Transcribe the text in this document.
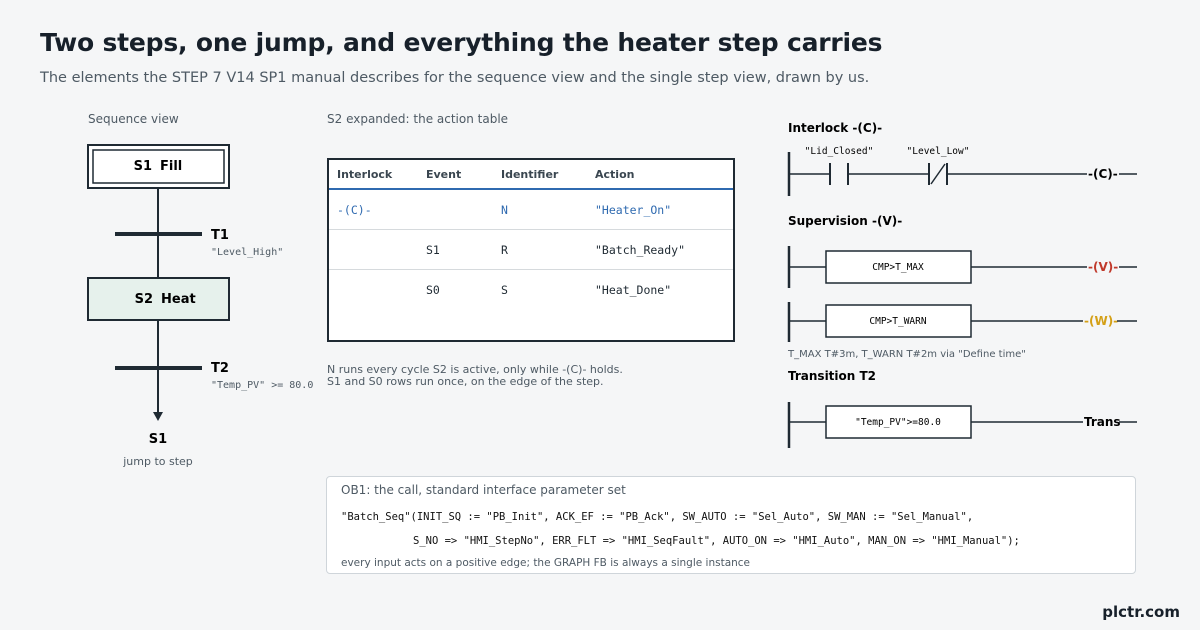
Two steps, one jump, and everything the heater step carries
The elements the STEP 7 V14 SP1 manual describes for the sequence view and the single step view, drawn by us.
Sequence view
S1 Fill
T1
"Level_High"
S2 Heat
T2
"Temp_PV" >= 80.0
S1
jump to step
S2 expanded: the action table
Interlock -(C)-
"Lid_Closed"	"Level_Low"
-(C)-
Supervision -(V)-
CMP>T_MAX	-(V)-
CMP>T_WARN	-(W)-
T_MAX T#3m, T_WARN T#2m via "Define time"
Transition T2
"Temp_PV">=80.0	Trans
Interlock	Event	Identifier	Action
-(C)-		N	"Heater_On"
	S1	R	"Batch_Ready"
	S0	S	"Heat_Done"
N runs every cycle S2 is active, only while -(C)- holds.
S1 and S0 rows run once, on the edge of the step.
OB1: the call, standard interface parameter set
"Batch_Seq"(INIT_SQ := "PB_Init", ACK_EF := "PB_Ack", SW_AUTO := "Sel_Auto", SW_MAN := "Sel_Manual",
S_NO => "HMI_StepNo", ERR_FLT => "HMI_SeqFault", AUTO_ON => "HMI_Auto", MAN_ON => "HMI_Manual");
every input acts on a positive edge; the GRAPH FB is always a single instance
plctr.com
